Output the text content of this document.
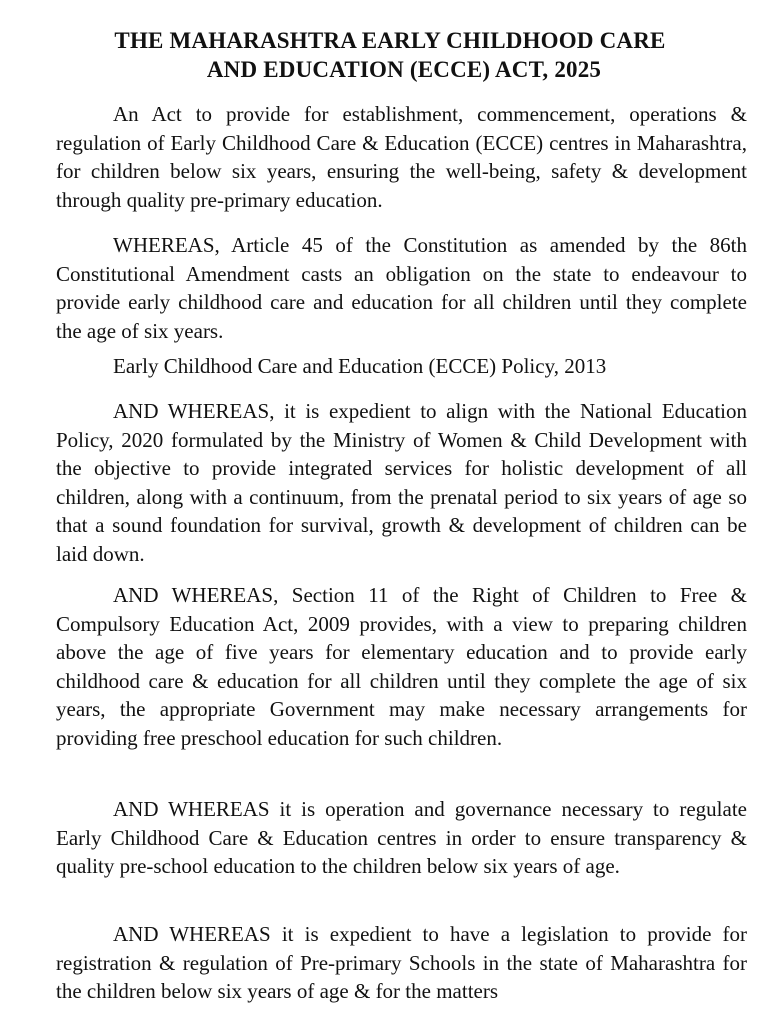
THE MAHARASHTRA EARLY CHILDHOOD CARE
AND EDUCATION (ECCE) ACT, 2025

An Act to provide for establishment, commencement, operations & regulation of Early Childhood Care & Education (ECCE) centres in Maharashtra, for children below six years, ensuring the well-being, safety & development through quality pre-primary education.

WHEREAS, Article 45 of the Constitution as amended by the 86th Constitutional Amendment casts an obligation on the state to endeavour to provide early childhood care and education for all children until they complete the age of six years.

Early Childhood Care and Education (ECCE) Policy, 2013

AND WHEREAS, it is expedient to align with the National Education Policy, 2020 formulated by the Ministry of Women & Child Development with the objective to provide integrated services for holistic development of all children, along with a continuum, from the prenatal period to six years of age so that a sound foundation for survival, growth & development of children can be laid down.

AND WHEREAS, Section 11 of the Right of Children to Free & Compulsory Education Act, 2009 provides, with a view to preparing children above the age of five years for elementary education and to provide early childhood care & education for all children until they complete the age of six years, the appropriate Government may make necessary arrangements for providing free preschool education for such children.

AND WHEREAS it is operation and governance necessary to regulate Early Childhood Care & Education centres in order to ensure transparency & quality pre-school education to the children below six years of age.

AND WHEREAS it is expedient to have a legislation to provide for registration & regulation of Pre-primary Schools in the state of Maharashtra for the children below six years of age & for the matters
